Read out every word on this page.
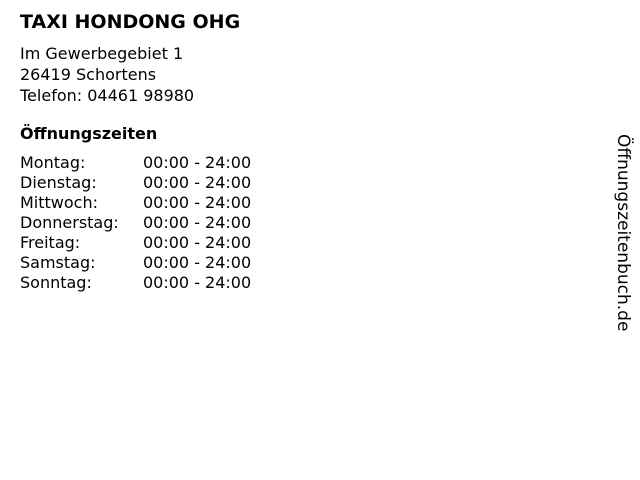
TAXI HONDONG OHG
Im Gewerbegebiet 1
26419 Schortens
Telefon: 04461 98980
Öffnungszeiten
Montag:	00:00 - 24:00
Dienstag:	00:00 - 24:00
Mittwoch:	00:00 - 24:00
Donnerstag:	00:00 - 24:00
Freitag:	00:00 - 24:00
Samstag:	00:00 - 24:00
Sonntag:	00:00 - 24:00	Öffnungszeitenbuch.de
